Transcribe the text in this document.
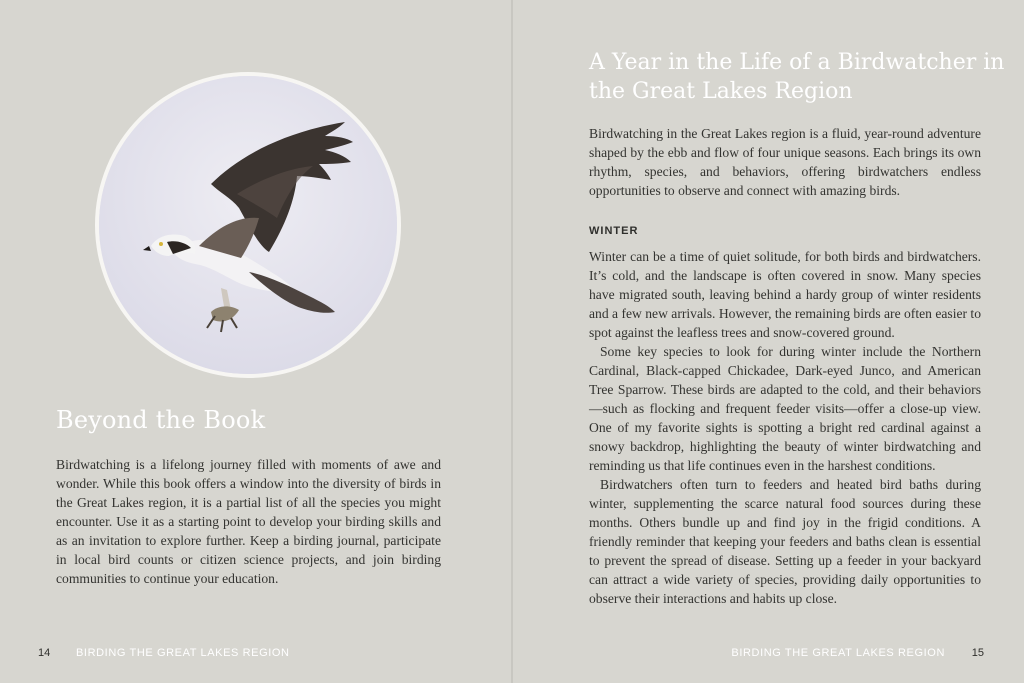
Beyond the Book

Birdwatching is a lifelong journey filled with moments of awe and wonder. While this book offers a window into the diversity of birds in the Great Lakes region, it is a partial list of all the species you might encounter. Use it as a starting point to develop your birding skills and as an invitation to explore further. Keep a birding journal, participate in local bird counts or citizen science projects, and join birding communities to continue your education.

14 BIRDING THE GREAT LAKES REGION
A Year in the Life of a Birdwatcher in the Great Lakes Region

Birdwatching in the Great Lakes region is a fluid, year-round adventure shaped by the ebb and flow of four unique seasons. Each brings its own rhythm, species, and behaviors, offering birdwatchers endless opportunities to observe and connect with amazing birds.

WINTER

Winter can be a time of quiet solitude, for both birds and birdwatchers. It’s cold, and the landscape is often covered in snow. Many species have migrated south, leaving behind a hardy group of winter residents and a few new arrivals. However, the remaining birds are often easier to spot against the leafless trees and snow-covered ground.

Some key species to look for during winter include the Northern Cardinal, Black-capped Chickadee, Dark-eyed Junco, and American Tree Sparrow. These birds are adapted to the cold, and their behaviors—such as flocking and frequent feeder visits—offer a close-up view. One of my favorite sights is spotting a bright red cardinal against a snowy backdrop, highlighting the beauty of winter birdwatching and reminding us that life continues even in the harshest conditions.

Birdwatchers often turn to feeders and heated bird baths during winter, supplementing the scarce natural food sources during these months. Others bundle up and find joy in the frigid conditions. A friendly reminder that keeping your feeders and baths clean is essential to prevent the spread of disease. Setting up a feeder in your backyard can attract a wide variety of species, providing daily opportunities to observe their interactions and habits up close.

BIRDING THE GREAT LAKES REGION 15
